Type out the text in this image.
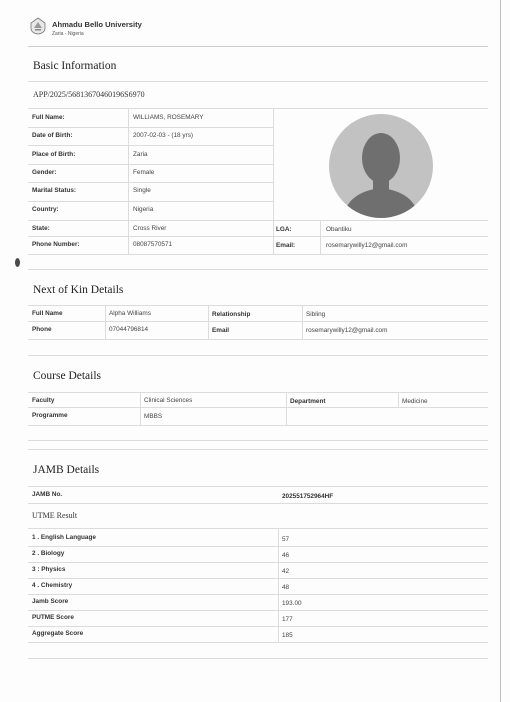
Ahmadu Bello University
Zaria - Nigeria
Basic Information
APP/2025/56813670460196S6970
Full Name:	WILLIAMS, ROSEMARY
Date of Birth:	2007-02-03 - (18 yrs)
Place of Birth:	Zaria
Gender:	Female
Marital Status:	Single
Country:	Nigeria
State:	Cross River	LGA:	Obantiku
Phone Number:	08087570571	Email:	rosemarywilly12@gmail.com
Next of Kin Details
Full Name	Alpha Williams	Relationship	Sibling
Phone	07044796814	Email	rosemarywilly12@gmail.com
Course Details
Faculty	Clinical Sciences	Department	Medicine
Programme	MBBS
JAMB Details
JAMB No.	202551752964HF
UTME Result
1 . English Language	57
2 . Biology	46
3 : Physics	42
4 . Chemistry	48
Jamb Score	193.00
PUTME Score	177
Aggregate Score	185
